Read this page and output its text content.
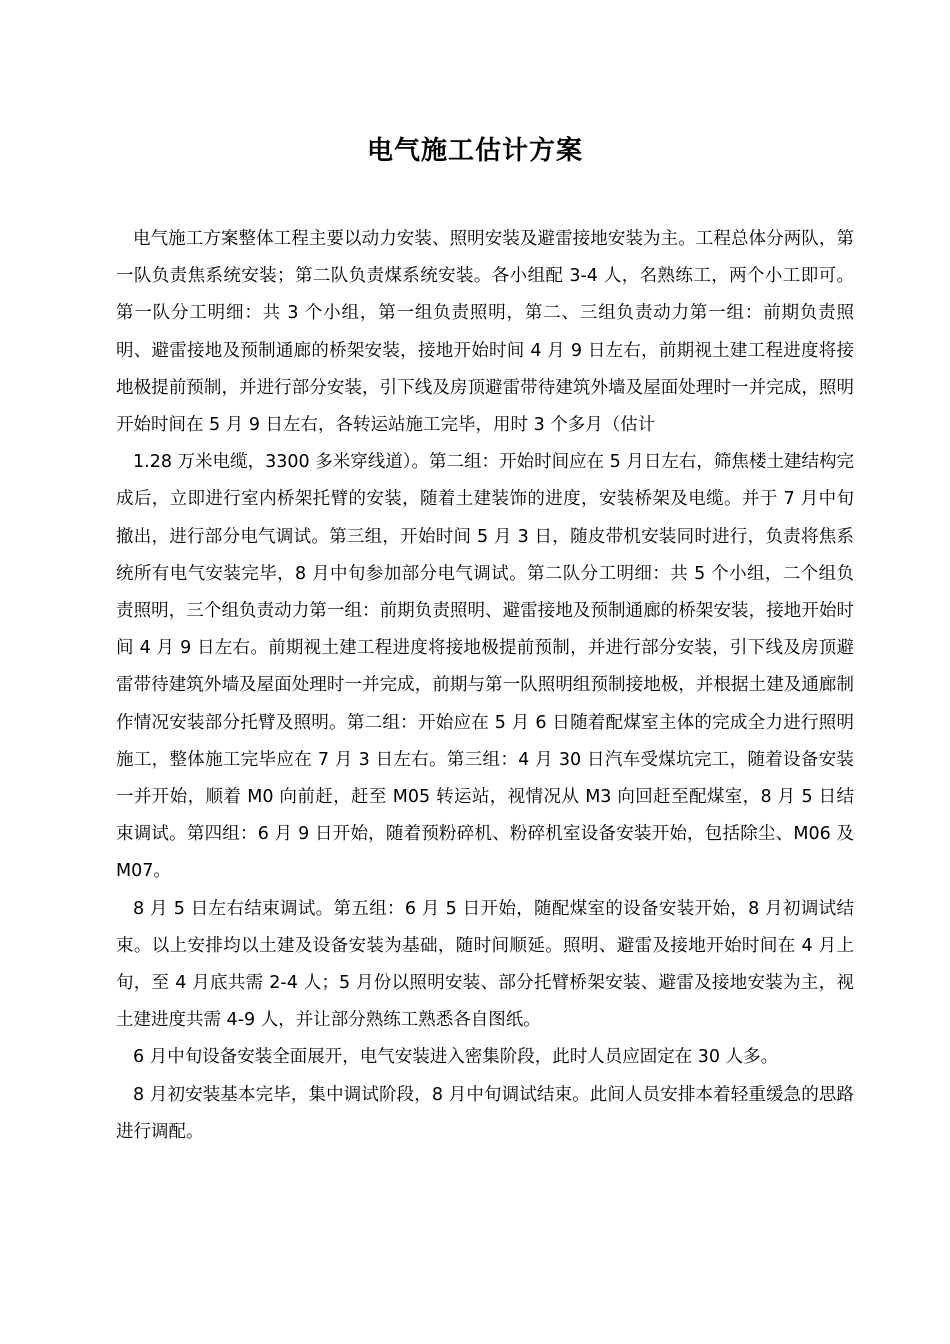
电气施工估计方案

电气施工方案整体工程主要以动力安装、照明安装及避雷接地安装为主。工程总体分两队，第一队负责焦系统安装；第二队负责煤系统安装。各小组配 3-4 人，名熟练工，两个小工即可。第一队分工明细：共 3 个小组，第一组负责照明，第二、三组负责动力第一组：前期负责照明、避雷接地及预制通廊的桥架安装，接地开始时间 4 月 9 日左右，前期视土建工程进度将接地极提前预制，并进行部分安装，引下线及房顶避雷带待建筑外墙及屋面处理时一并完成，照明开始时间在 5 月 9 日左右，各转运站施工完毕，用时 3 个多月（估计

1.28 万米电缆，3300 多米穿线道）。第二组：开始时间应在 5 月日左右，筛焦楼土建结构完成后，立即进行室内桥架托臂的安装，随着土建装饰的进度，安装桥架及电缆。并于 7 月中旬撤出，进行部分电气调试。第三组，开始时间 5 月 3 日，随皮带机安装同时进行，负责将焦系统所有电气安装完毕，8 月中旬参加部分电气调试。第二队分工明细：共 5 个小组，二个组负责照明，三个组负责动力第一组：前期负责照明、避雷接地及预制通廊的桥架安装，接地开始时间 4 月 9 日左右。前期视土建工程进度将接地极提前预制，并进行部分安装，引下线及房顶避雷带待建筑外墙及屋面处理时一并完成，前期与第一队照明组预制接地极，并根据土建及通廊制作情况安装部分托臂及照明。第二组：开始应在 5 月 6 日随着配煤室主体的完成全力进行照明施工，整体施工完毕应在 7 月 3 日左右。第三组：4 月 30 日汽车受煤坑完工，随着设备安装一并开始，顺着 M0 向前赶，赶至 M05 转运站，视情况从 M3 向回赶至配煤室，8 月 5 日结束调试。第四组：6 月 9 日开始，随着预粉碎机、粉碎机室设备安装开始，包括除尘、M06 及 M07。

8 月 5 日左右结束调试。第五组：6 月 5 日开始，随配煤室的设备安装开始，8 月初调试结束。以上安排均以土建及设备安装为基础，随时间顺延。照明、避雷及接地开始时间在 4 月上旬，至 4 月底共需 2-4 人；5 月份以照明安装、部分托臂桥架安装、避雷及接地安装为主，视土建进度共需 4-9 人，并让部分熟练工熟悉各自图纸。

6 月中旬设备安装全面展开，电气安装进入密集阶段，此时人员应固定在 30 人多。

8 月初安装基本完毕，集中调试阶段，8 月中旬调试结束。此间人员安排本着轻重缓急的思路进行调配。
